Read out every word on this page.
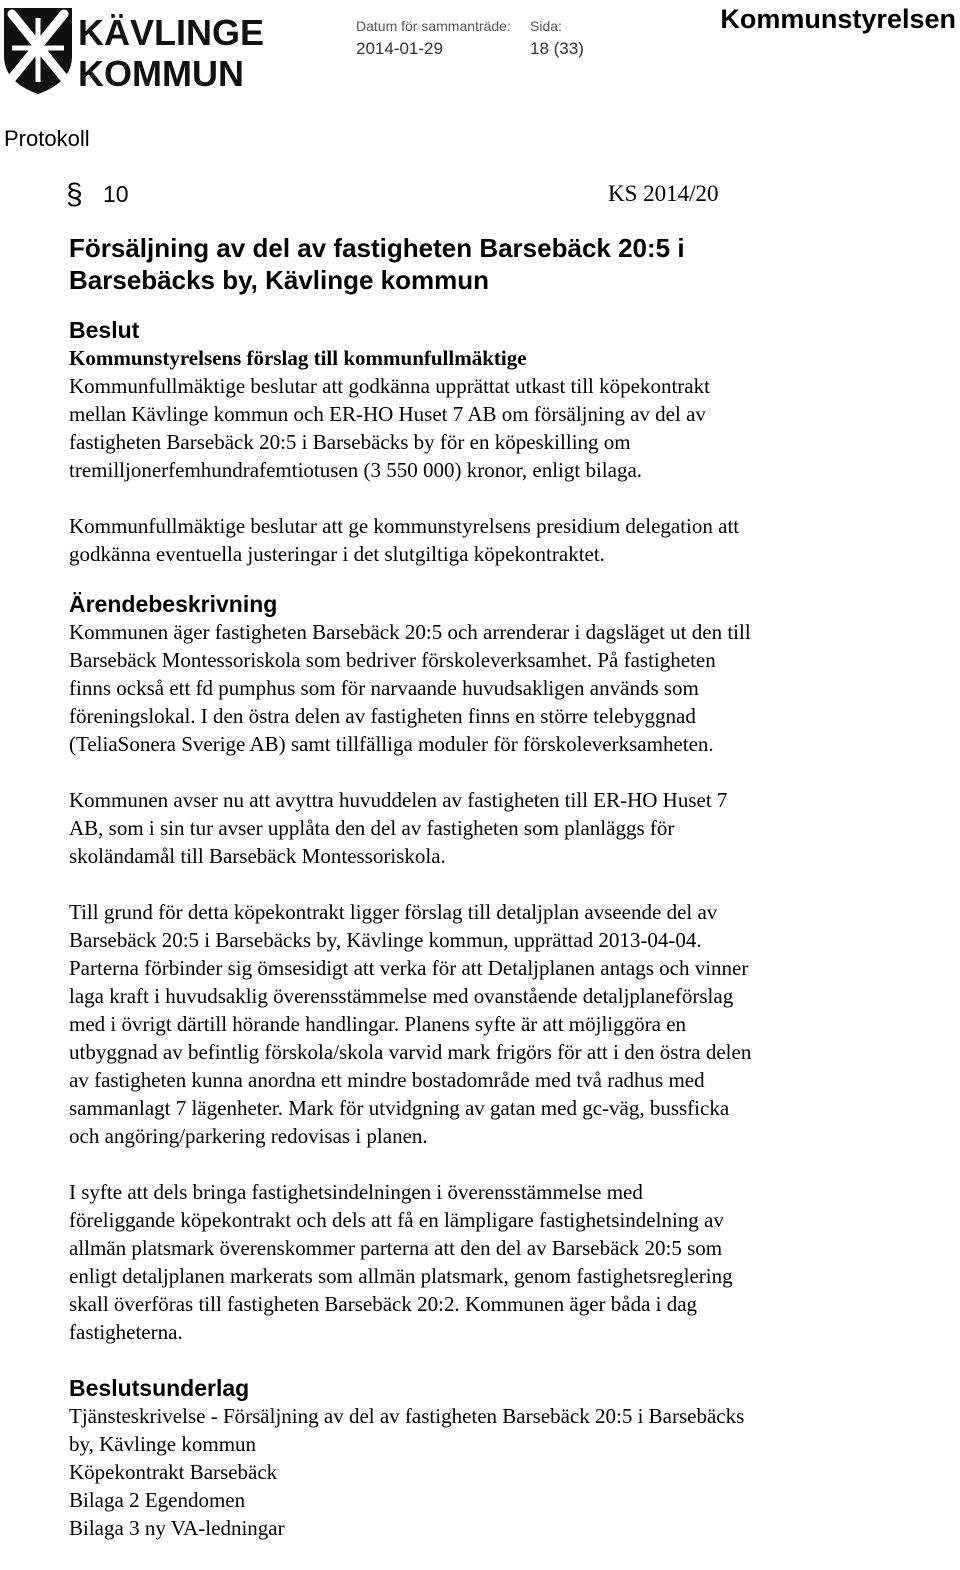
KÄVLINGE
KOMMUN
Datum för sammanträde:
2014-01-29
Sida:
18 (33)
Kommunstyrelsen
Protokoll
§ 10	KS 2014/20
Försäljning av del av fastigheten Barsebäck 20:5 i
Barsebäcks by, Kävlinge kommun
Beslut
Kommunstyrelsens förslag till kommunfullmäktige

Kommunfullmäktige beslutar att godkänna upprättat utkast till köpekontrakt
mellan Kävlinge kommun och ER-HO Huset 7 AB om försäljning av del av
fastigheten Barsebäck 20:5 i Barsebäcks by för en köpeskilling om
tremilljonerfemhundrafemtiotusen (3 550 000) kronor, enligt bilaga.

Kommunfullmäktige beslutar att ge kommunstyrelsens presidium delegation att
godkänna eventuella justeringar i det slutgiltiga köpekontraktet.

Ärendebeskrivning

Kommunen äger fastigheten Barsebäck 20:5 och arrenderar i dagsläget ut den till
Barsebäck Montessoriskola som bedriver förskoleverksamhet. På fastigheten
finns också ett fd pumphus som för narvaande huvudsakligen används som
föreningslokal. I den östra delen av fastigheten finns en större telebyggnad
(TeliaSonera Sverige AB) samt tillfälliga moduler för förskoleverksamheten.

Kommunen avser nu att avyttra huvuddelen av fastigheten till ER-HO Huset 7
AB, som i sin tur avser upplåta den del av fastigheten som planläggs för
skoländamål till Barsebäck Montessoriskola.

Till grund för detta köpekontrakt ligger förslag till detaljplan avseende del av
Barsebäck 20:5 i Barsebäcks by, Kävlinge kommun, upprättad 2013-04-04.
Parterna förbinder sig ömsesidigt att verka för att Detaljplanen antags och vinner
laga kraft i huvudsaklig överensstämmelse med ovanstående detaljplaneförslag
med i övrigt därtill hörande handlingar. Planens syfte är att möjliggöra en
utbyggnad av befintlig förskola/skola varvid mark frigörs för att i den östra delen
av fastigheten kunna anordna ett mindre bostadområde med två radhus med
sammanlagt 7 lägenheter. Mark för utvidgning av gatan med gc-väg, bussficka
och angöring/parkering redovisas i planen.

I syfte att dels bringa fastighetsindelningen i överensstämmelse med
föreliggande köpekontrakt och dels att få en lämpligare fastighetsindelning av
allmän platsmark överenskommer parterna att den del av Barsebäck 20:5 som
enligt detaljplanen markerats som allmän platsmark, genom fastighetsreglering
skall överföras till fastigheten Barsebäck 20:2. Kommunen äger båda i dag
fastigheterna.

Beslutsunderlag
Tjänsteskrivelse - Försäljning av del av fastigheten Barsebäck 20:5 i Barsebäcks
by, Kävlinge kommun
Köpekontrakt Barsebäck
Bilaga 2 Egendomen
Bilaga 3 ny VA-ledningar
